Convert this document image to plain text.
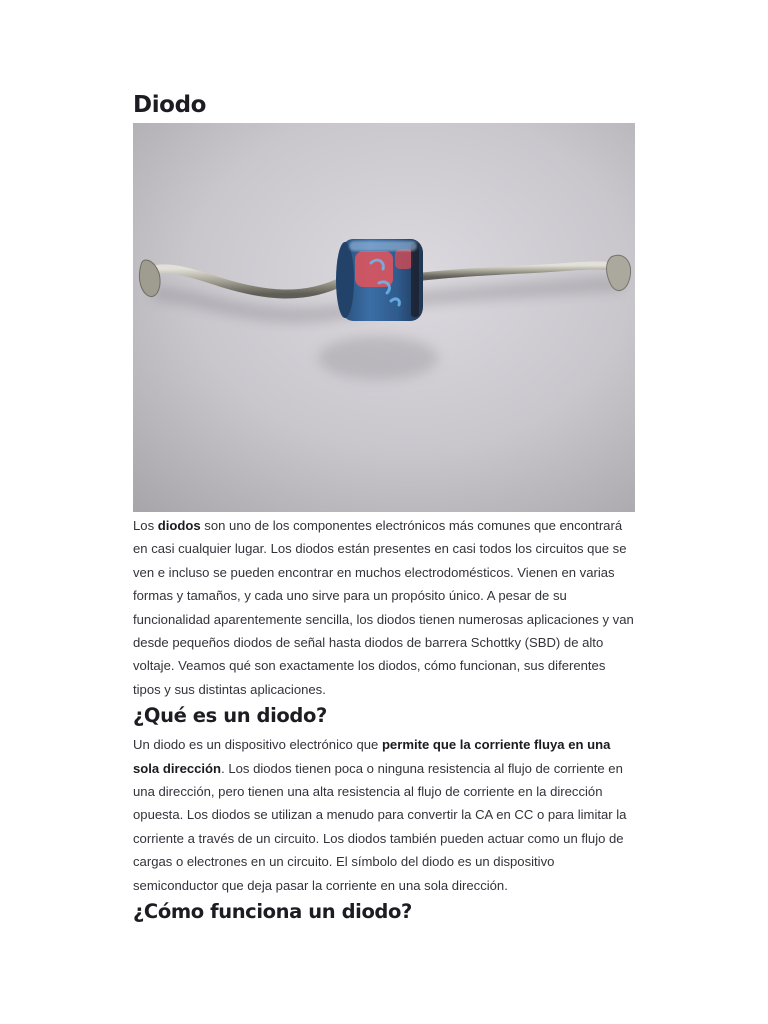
Diodo

Los diodos son uno de los componentes electrónicos más comunes que encontrará en casi cualquier lugar. Los diodos están presentes en casi todos los circuitos que se ven e incluso se pueden encontrar en muchos electrodomésticos. Vienen en varias formas y tamaños, y cada uno sirve para un propósito único. A pesar de su funcionalidad aparentemente sencilla, los diodos tienen numerosas aplicaciones y van desde pequeños diodos de señal hasta diodos de barrera Schottky (SBD) de alto voltaje. Veamos qué son exactamente los diodos, cómo funcionan, sus diferentes tipos y sus distintas aplicaciones.

¿Qué es un diodo?

Un diodo es un dispositivo electrónico que permite que la corriente fluya en una sola dirección. Los diodos tienen poca o ninguna resistencia al flujo de corriente en una dirección, pero tienen una alta resistencia al flujo de corriente en la dirección opuesta. Los diodos se utilizan a menudo para convertir la CA en CC o para limitar la corriente a través de un circuito. Los diodos también pueden actuar como un flujo de cargas o electrones en un circuito. El símbolo del diodo es un dispositivo semiconductor que deja pasar la corriente en una sola dirección.

¿Cómo funciona un diodo?
